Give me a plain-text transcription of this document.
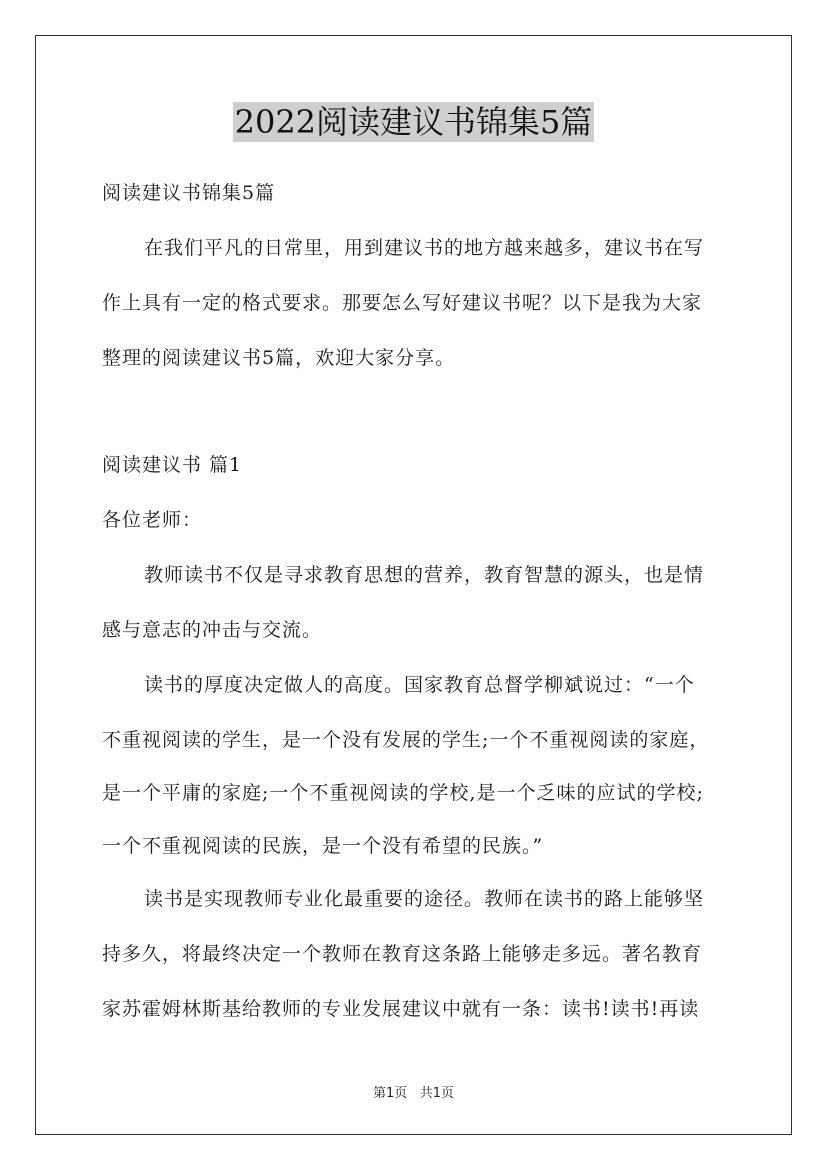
2022阅读建议书锦集5篇
阅读建议书锦集5篇
在我们平凡的日常里，用到建议书的地方越来越多，建议书在写
作上具有一定的格式要求。那要怎么写好建议书呢？以下是我为大家
整理的阅读建议书5篇，欢迎大家分享。
阅读建议书 篇1
各位老师：
教师读书不仅是寻求教育思想的营养，教育智慧的源头，也是情
感与意志的冲击与交流。
读书的厚度决定做人的高度。国家教育总督学柳斌说过：“一个
不重视阅读的学生，是一个没有发展的学生;一个不重视阅读的家庭，
是一个平庸的家庭;一个不重视阅读的学校,是一个乏味的应试的学校;
一个不重视阅读的民族，是一个没有希望的民族。”
读书是实现教师专业化最重要的途径。教师在读书的路上能够坚
持多久，将最终决定一个教师在教育这条路上能够走多远。著名教育
家苏霍姆林斯基给教师的专业发展建议中就有一条：读书!读书!再读
第1页 共1页
